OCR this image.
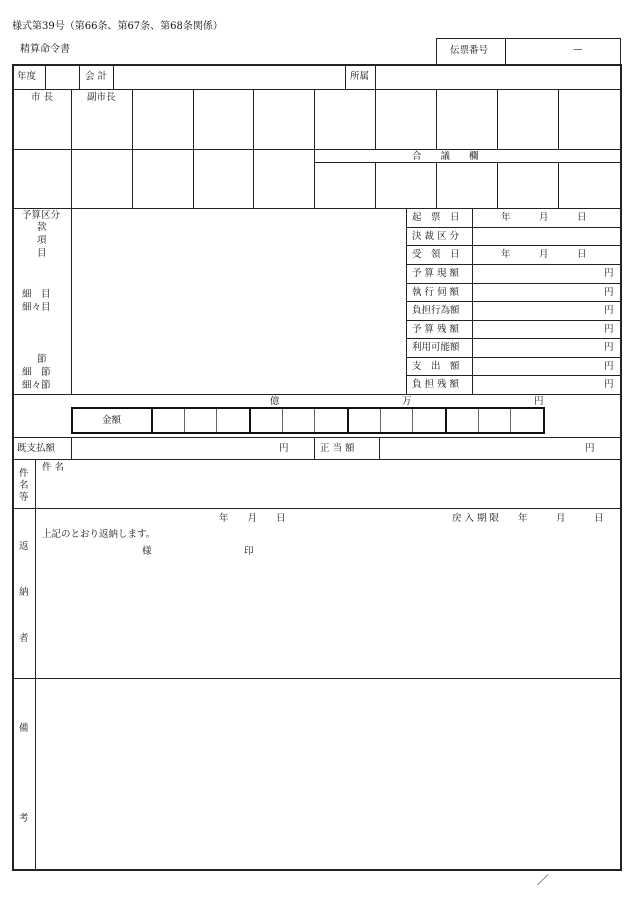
様式第39号（第66条、第67条、第68条関係）
精算命令書	伝票番号	—
年度	会 計	所属
市 長	副市長
合　　議　　欄
予算区分
款
項
目
細　目
細々目
節
細　節
細々節
起　票　日	年　　　月　　　日
決 裁 区 分
受　領　日	年　　　月　　　日
予 算 現 額	円
執 行 伺 額	円
負担行為額	円
予 算 残 額	円
利用可能額	円
支　出　額	円
負 担 残 額	円
億	万	円
金額
既支払額	円	正 当 額	円
件名等
件 名
返
納
者
年　　月　　日	戻 入 期 限　　年　　　月　　　日
上記のとおり返納します。
様	印
備
考
／
